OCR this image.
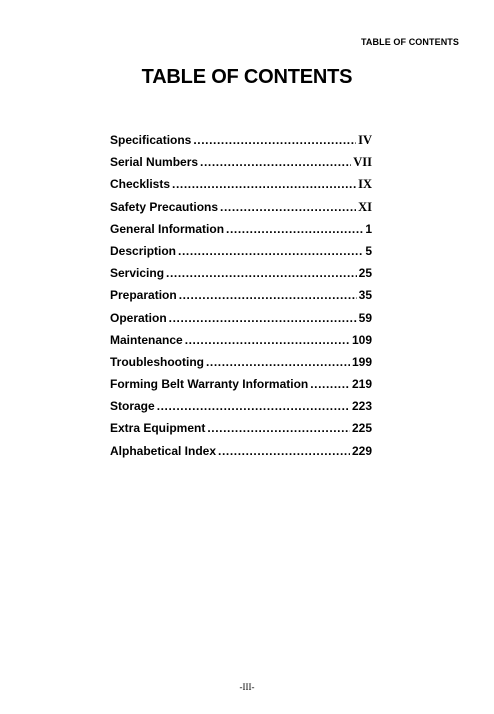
TABLE OF CONTENTS
TABLE OF CONTENTS
Specifications .....	IV
Serial Numbers .....	VII
Checklists .....	IX
Safety Precautions .....	XI
General Information .....	1
Description .....	5
Servicing .....	25
Preparation .....	35
Operation .....	59
Maintenance .....	109
Troubleshooting .....	199
Forming Belt Warranty Information .....	219
Storage .....	223
Extra Equipment .....	225
Alphabetical Index .....	229
-III-
